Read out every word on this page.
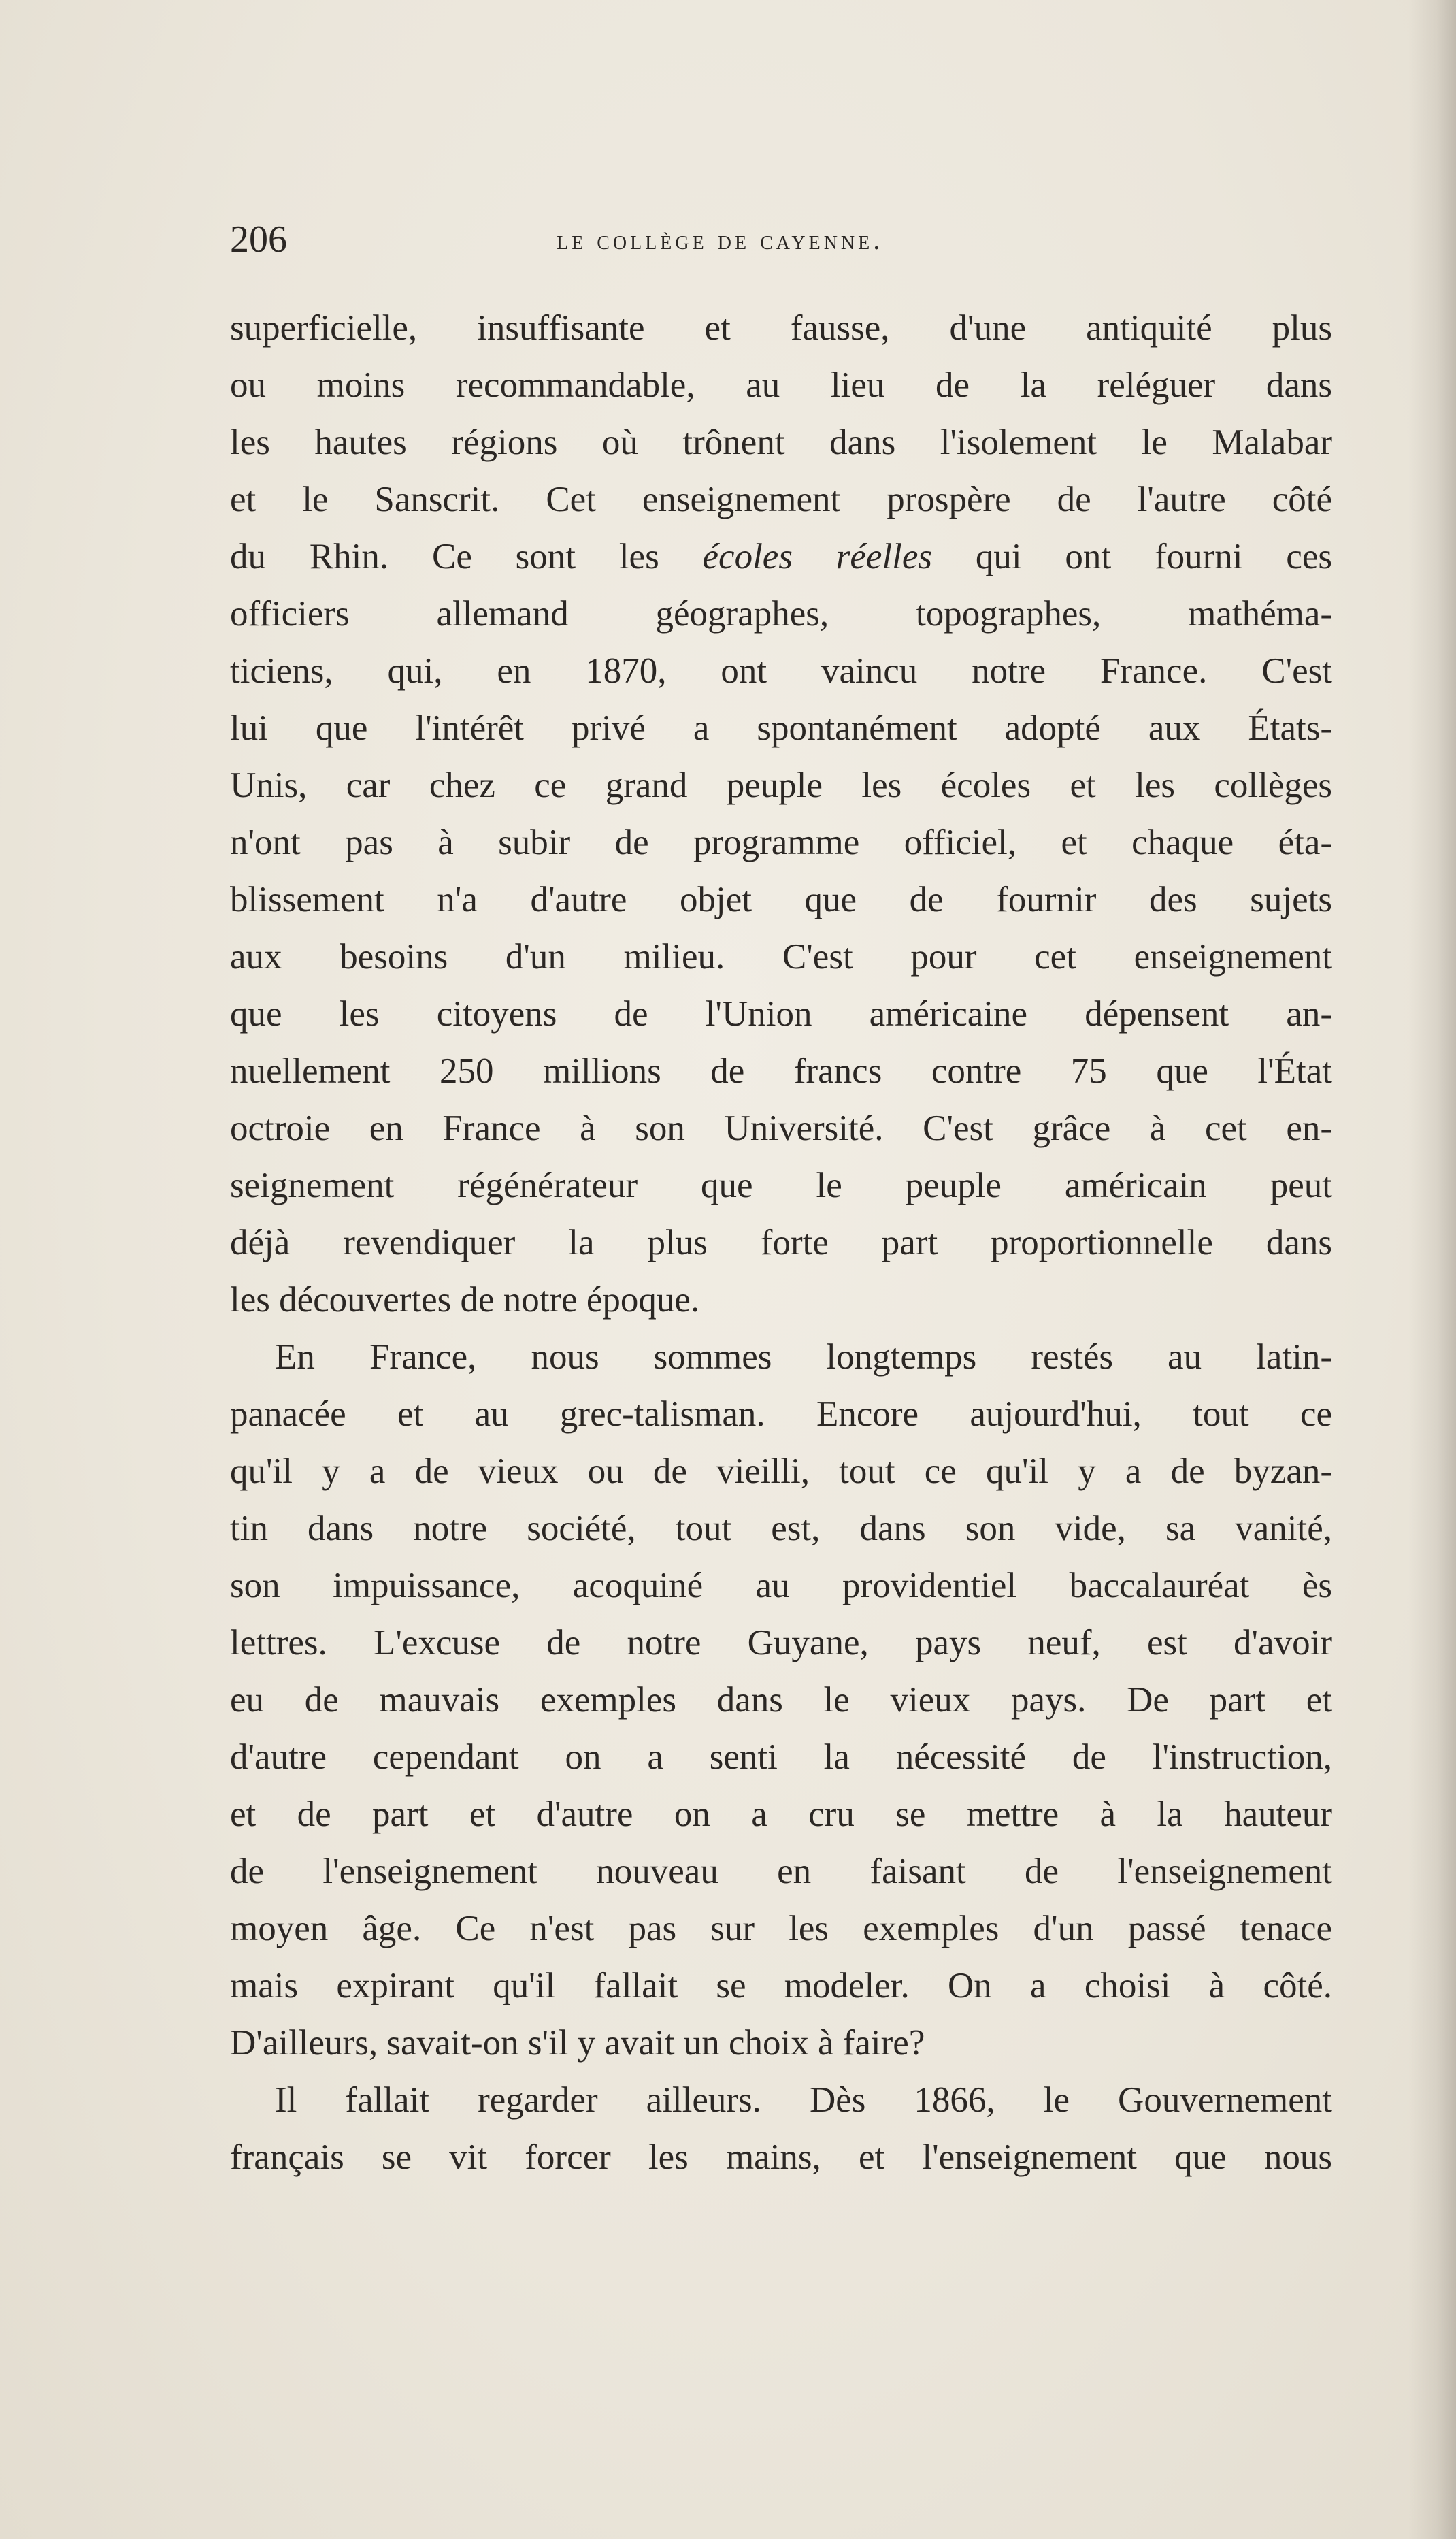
206	le collège de cayenne.
superficielle, insuffisante et fausse, d'une antiquité plus
ou moins recommandable, au lieu de la reléguer dans
les hautes régions où trônent dans l'isolement le Malabar
et le Sanscrit. Cet enseignement prospère de l'autre côté
du Rhin. Ce sont les écoles réelles qui ont fourni ces
officiers allemand géographes, topographes, mathéma-
ticiens, qui, en 1870, ont vaincu notre France. C'est
lui que l'intérêt privé a spontanément adopté aux États-
Unis, car chez ce grand peuple les écoles et les collèges
n'ont pas à subir de programme officiel, et chaque éta-
blissement n'a d'autre objet que de fournir des sujets
aux besoins d'un milieu. C'est pour cet enseignement
que les citoyens de l'Union américaine dépensent an-
nuellement 250 millions de francs contre 75 que l'État
octroie en France à son Université. C'est grâce à cet en-
seignement régénérateur que le peuple américain peut
déjà revendiquer la plus forte part proportionnelle dans
les découvertes de notre époque.
En France, nous sommes longtemps restés au latin-
panacée et au grec-talisman. Encore aujourd'hui, tout ce
qu'il y a de vieux ou de vieilli, tout ce qu'il y a de byzan-
tin dans notre société, tout est, dans son vide, sa vanité,
son impuissance, acoquiné au providentiel baccalauréat ès
lettres. L'excuse de notre Guyane, pays neuf, est d'avoir
eu de mauvais exemples dans le vieux pays. De part et
d'autre cependant on a senti la nécessité de l'instruction,
et de part et d'autre on a cru se mettre à la hauteur
de l'enseignement nouveau en faisant de l'enseignement
moyen âge. Ce n'est pas sur les exemples d'un passé tenace
mais expirant qu'il fallait se modeler. On a choisi à côté.
D'ailleurs, savait-on s'il y avait un choix à faire?
Il fallait regarder ailleurs. Dès 1866, le Gouvernement
français se vit forcer les mains, et l'enseignement que nous
